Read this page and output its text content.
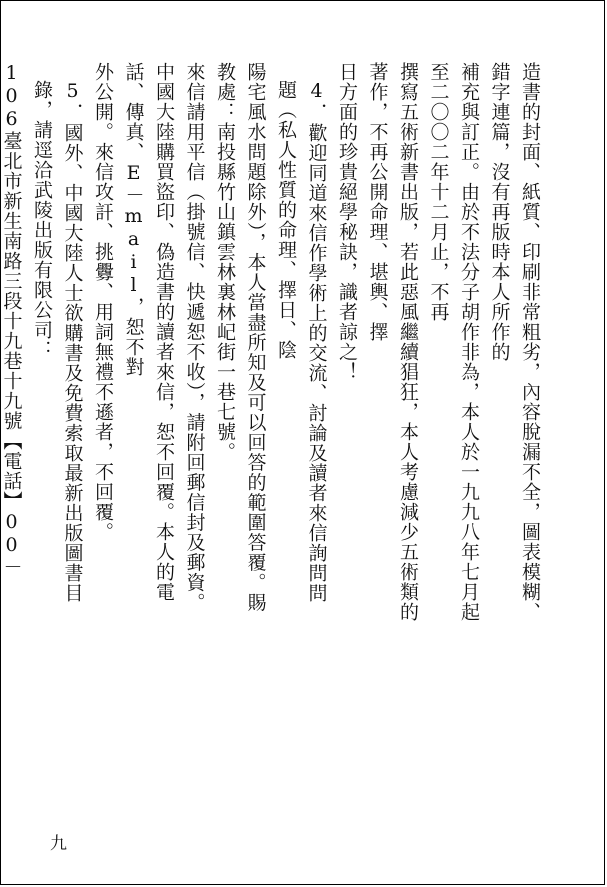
造書的封面、紙質、印刷非常粗劣，內容脫漏不全，圖表模糊、錯字連篇，沒有再版時本人所作的
補充與訂正。由於不法分子胡作非為，本人於一九九八年七月起至二〇〇二年十二月止，不再
撰寫五術新書出版，若此惡風繼續猖狂，本人考慮減少五術類的著作，不再公開命理、堪輿、擇
日方面的珍貴絕學秘訣，識者諒之！
4．歡迎同道來信作學術上的交流、討論及讀者來信詢問問題（私人性質的命理、擇日、陰
陽宅風水問題除外），本人當盡所知及可以回答的範圍答覆。賜教處：南投縣竹山鎮雲林裏林屺街一巷七號。
來信請用平信（掛號信、快遞恕不收），請附回郵信封及郵資。
中國大陸購買盜印、偽造書的讀者來信，恕不回覆。本人的電話、傳真、E－mail，恕不對
外公開。來信攻訐、挑釁、用詞無禮不遜者，不回覆。
5．國外、中國大陸人士欲購書及免費索取最新出版圖書目錄，請逕洽武陵出版有限公司：
106臺北市新生南路三段十九巷十九號【電話】00－　　　
九
